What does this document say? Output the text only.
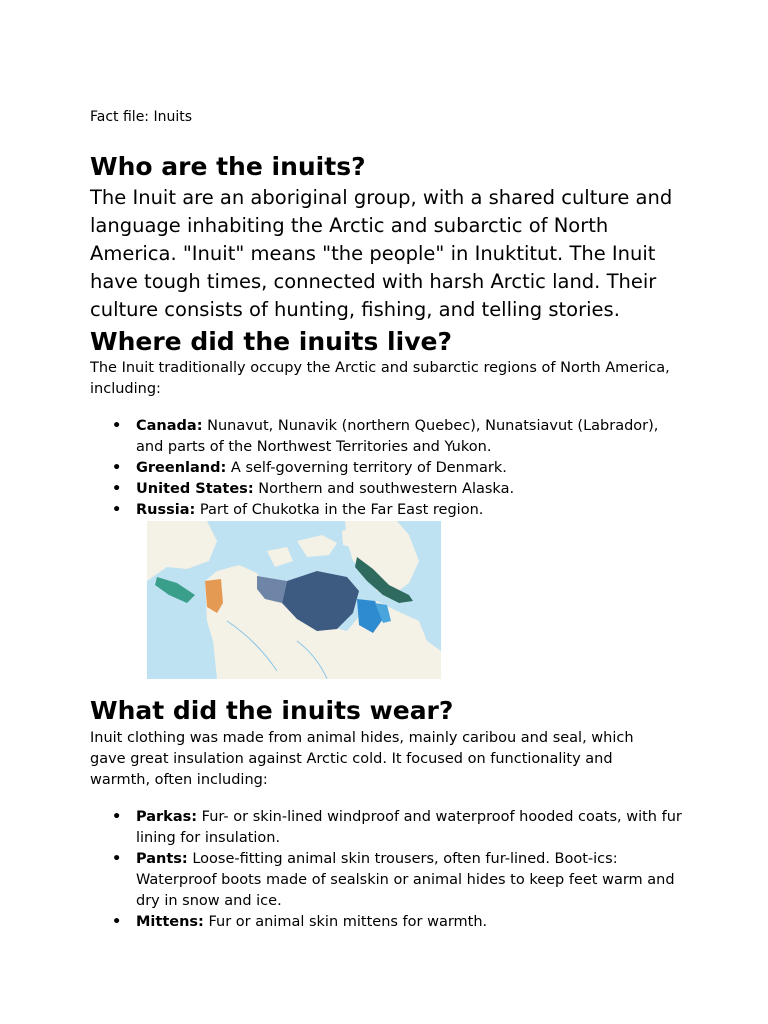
Fact file: Inuits
Who are the inuits?
The Inuit are an aboriginal group, with a shared culture and language inhabiting the Arctic and subarctic of North America. "Inuit" means "the people" in Inuktitut. The Inuit have tough times, connected with harsh Arctic land. Their culture consists of hunting, fishing, and telling stories.
Where did the inuits live?
The Inuit traditionally occupy the Arctic and subarctic regions of North America, including:
• Canada: Nunavut, Nunavik (northern Quebec), Nunatsiavut (Labrador), and parts of the Northwest Territories and Yukon.
• Greenland: A self-governing territory of Denmark.
• United States: Northern and southwestern Alaska.
• Russia: Part of Chukotka in the Far East region.
What did the inuits wear?
Inuit clothing was made from animal hides, mainly caribou and seal, which gave great insulation against Arctic cold. It focused on functionality and warmth, often including:
• Parkas: Fur- or skin-lined windproof and waterproof hooded coats, with fur lining for insulation.
• Pants: Loose-fitting animal skin trousers, often fur-lined. Boot-ics: Waterproof boots made of sealskin or animal hides to keep feet warm and dry in snow and ice.
• Mittens: Fur or animal skin mittens for warmth.
